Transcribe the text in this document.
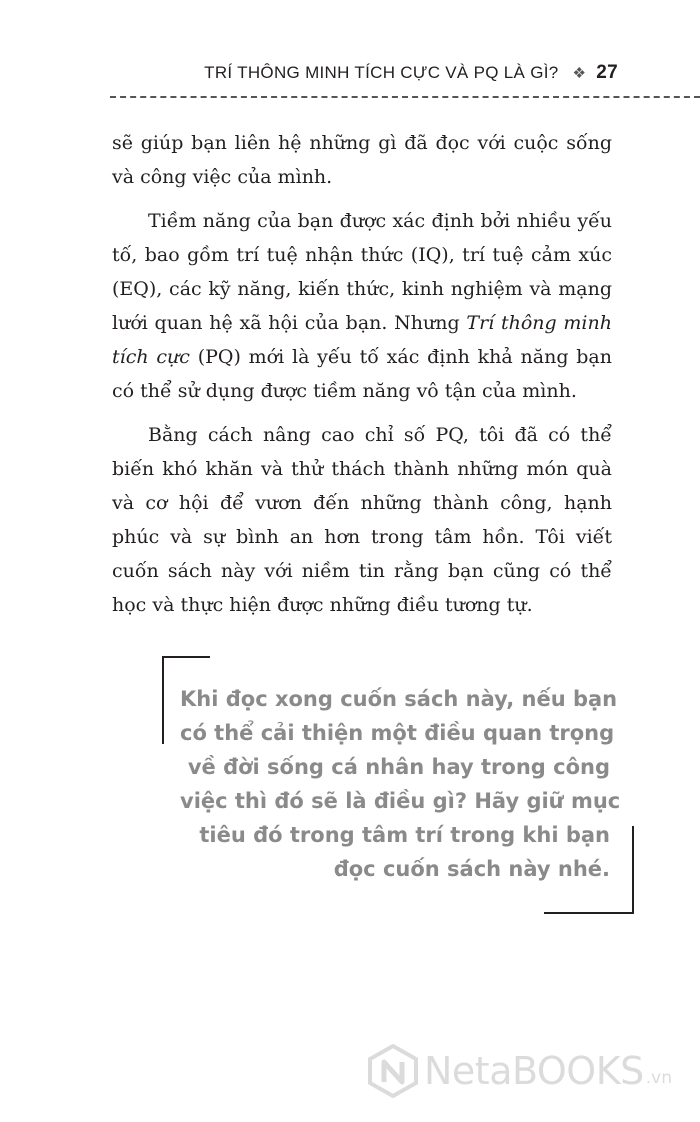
TRÍ THÔNG MINH TÍCH CỰC VÀ PQ LÀ GÌ? ❖ 27

sẽ giúp bạn liên hệ những gì đã đọc với cuộc sống và công việc của mình.

Tiềm năng của bạn được xác định bởi nhiều yếu tố, bao gồm trí tuệ nhận thức (IQ), trí tuệ cảm xúc (EQ), các kỹ năng, kiến thức, kinh nghiệm và mạng lưới quan hệ xã hội của bạn. Nhưng Trí thông minh tích cực (PQ) mới là yếu tố xác định khả năng bạn có thể sử dụng được tiềm năng vô tận của mình.

Bằng cách nâng cao chỉ số PQ, tôi đã có thể biến khó khăn và thử thách thành những món quà và cơ hội để vươn đến những thành công, hạnh phúc và sự bình an hơn trong tâm hồn. Tôi viết cuốn sách này với niềm tin rằng bạn cũng có thể học và thực hiện được những điều tương tự.

Khi đọc xong cuốn sách này, nếu bạn
có thể cải thiện một điều quan trọng
về đời sống cá nhân hay trong công
việc thì đó sẽ là điều gì? Hãy giữ mục
tiêu đó trong tâm trí trong khi bạn
đọc cuốn sách này nhé.
NetaBOOKS .vn
